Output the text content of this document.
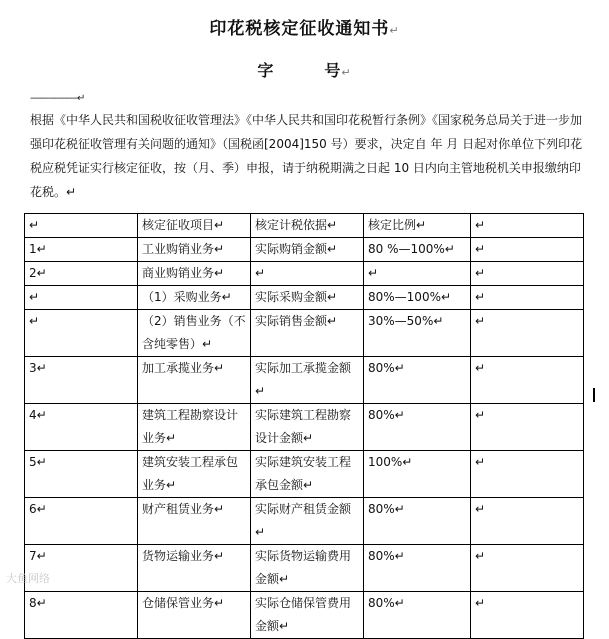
印花税核定征收通知书↵
字	号↵
------------------↵
根据《中华人民共和国税收征收管理法》《中华人民共和国印花税暂行条例》《国家税务总局关于进一步加强印花税征收管理有关问题的通知》（国税函[2004]150 号）要求，决定自 年 月 日起对你单位下列印花税应税凭证实行核定征收，按（月、季）申报，请于纳税期满之日起 10 日内向主管地税机关申报缴纳印花税。↵
↵	核定征收项目↵	核定计税依据↵	核定比例↵	↵
1↵	工业购销业务↵	实际购销金额↵	80 %—100%↵	↵
2↵	商业购销业务↵	↵	↵	↵
↵	（1）采购业务↵	实际采购金额↵	80%—100%↵	↵
↵	（2）销售业务（不含纯零售）↵	实际销售金额↵	30%—50%↵	↵
3↵	加工承揽业务↵	实际加工承揽金额↵	80%↵	↵
4↵	建筑工程勘察设计业务↵	实际建筑工程勘察设计金额↵	80%↵	↵
5↵	建筑安装工程承包业务↵	实际建筑安装工程承包金额↵	100%↵	↵
6↵	财产租赁业务↵	实际财产租赁金额↵	80%↵	↵
7↵	货物运输业务↵	实际货物运输费用金额↵	80%↵	↵
8↵	仓储保管业务↵	实际仓储保管费用金额↵	80%↵	↵
大鱼网络
